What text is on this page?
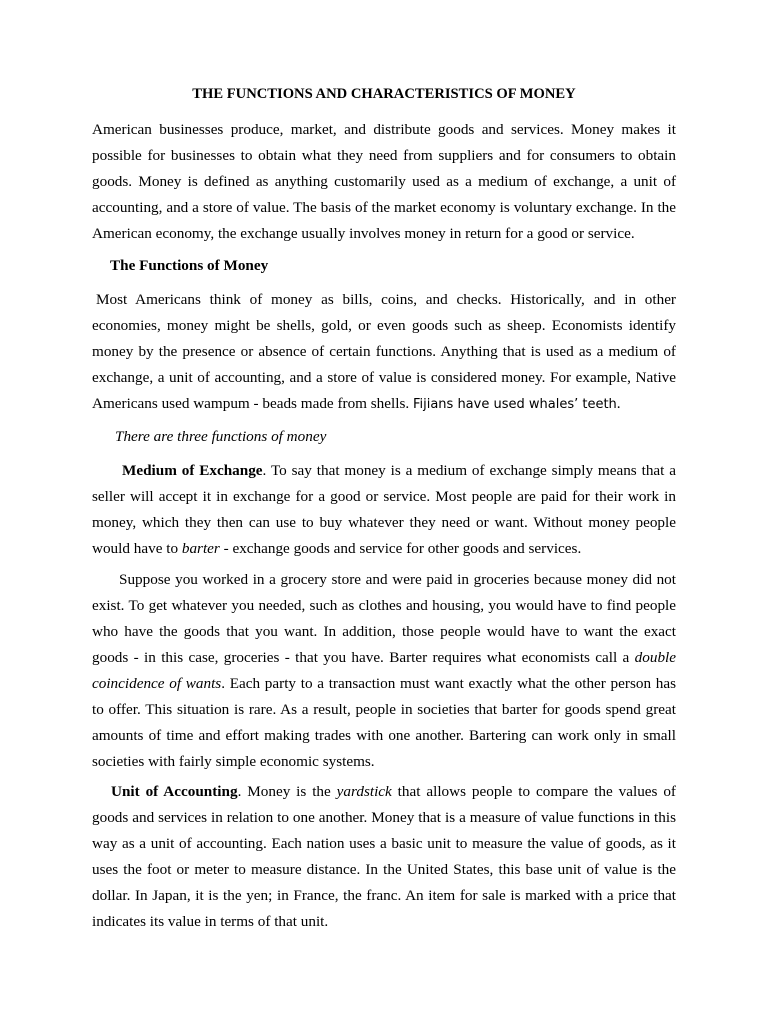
THE FUNCTIONS AND CHARACTERISTICS OF MONEY

American businesses produce, market, and distribute goods and services. Money makes it possible for businesses to obtain what they need from suppliers and for consumers to obtain goods. Money is defined as anything customarily used as a medium of exchange, a unit of accounting, and a store of value. The basis of the market economy is voluntary exchange. In the American economy, the exchange usually involves money in return for a good or service.

The Functions of Money

Most Americans think of money as bills, coins, and checks. Historically, and in other economies, money might be shells, gold, or even goods such as sheep. Economists identify money by the presence or absence of certain functions. Anything that is used as a medium of exchange, a unit of accounting, and a store of value is considered money. For example, Native Americans used wampum - beads made from shells. Fijians have used whales’ teeth.

There are three functions of money

Medium of Exchange. To say that money is a medium of exchange simply means that a seller will accept it in exchange for a good or service. Most people are paid for their work in money, which they then can use to buy whatever they need or want. Without money people would have to barter - exchange goods and service for other goods and services.

Suppose you worked in a grocery store and were paid in groceries because money did not exist. To get whatever you needed, such as clothes and housing, you would have to find people who have the goods that you want. In addition, those people would have to want the exact goods - in this case, groceries - that you have. Barter requires what economists call a double coincidence of wants. Each party to a transaction must want exactly what the other person has to offer. This situation is rare. As a result, people in societies that barter for goods spend great amounts of time and effort making trades with one another. Bartering can work only in small societies with fairly simple economic systems.

Unit of Accounting. Money is the yardstick that allows people to compare the values of goods and services in relation to one another. Money that is a measure of value functions in this way as a unit of accounting. Each nation uses a basic unit to measure the value of goods, as it uses the foot or meter to measure distance. In the United States, this base unit of value is the dollar. In Japan, it is the yen; in France, the franc. An item for sale is marked with a price that indicates its value in terms of that unit.
